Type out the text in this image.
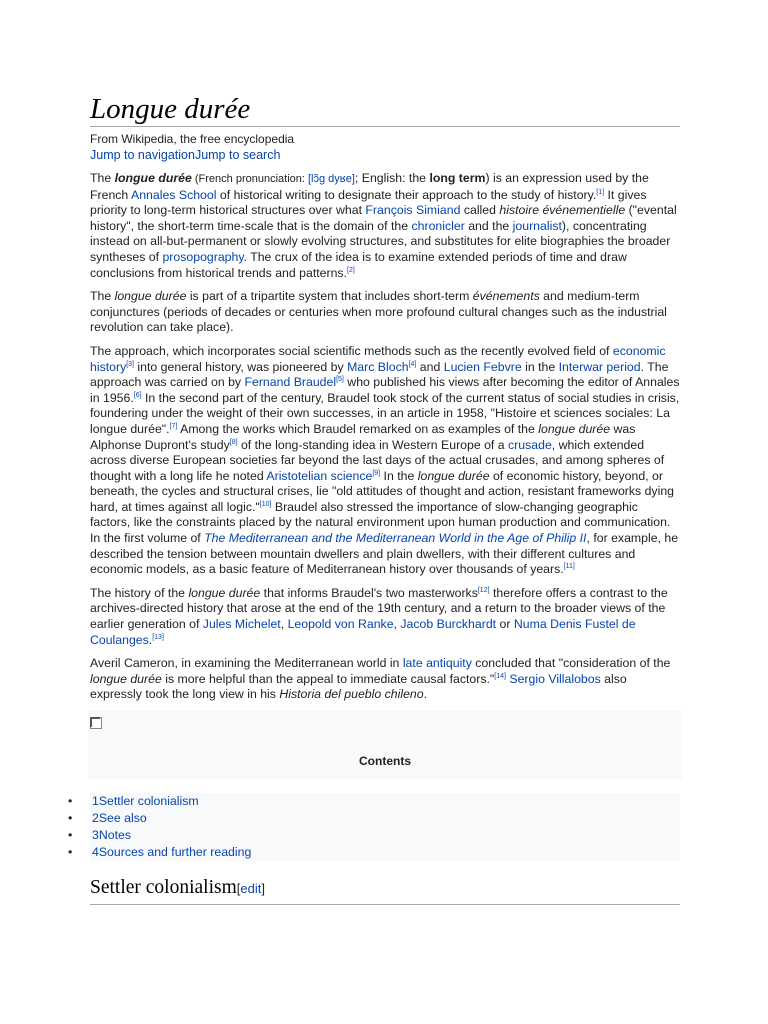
Longue durée
From Wikipedia, the free encyclopedia
Jump to navigationJump to search

The longue durée (French pronunciation: [lɔ̃ɡ dyʁe]; English: the long term) is an expression used by the French Annales School of historical writing to designate their approach to the study of history.[1] It gives priority to long-term historical structures over what François Simiand called histoire événementielle ("evental history", the short-term time-scale that is the domain of the chronicler and the journalist), concentrating instead on all-but-permanent or slowly evolving structures, and substitutes for elite biographies the broader syntheses of prosopography. The crux of the idea is to examine extended periods of time and draw conclusions from historical trends and patterns.[2]

The longue durée is part of a tripartite system that includes short-term événements and medium-term conjunctures (periods of decades or centuries when more profound cultural changes such as the industrial revolution can take place).

The approach, which incorporates social scientific methods such as the recently evolved field of economic history[3] into general history, was pioneered by Marc Bloch[4] and Lucien Febvre in the Interwar period. The approach was carried on by Fernand Braudel[5] who published his views after becoming the editor of Annales in 1956.[6] In the second part of the century, Braudel took stock of the current status of social studies in crisis, foundering under the weight of their own successes, in an article in 1958, "Histoire et sciences sociales: La longue durée".[7] Among the works which Braudel remarked on as examples of the longue durée was Alphonse Dupront's study[8] of the long-standing idea in Western Europe of a crusade, which extended across diverse European societies far beyond the last days of the actual crusades, and among spheres of thought with a long life he noted Aristotelian science[9] In the longue durée of economic history, beyond, or beneath, the cycles and structural crises, lie "old attitudes of thought and action, resistant frameworks dying hard, at times against all logic."[10] Braudel also stressed the importance of slow-changing geographic factors, like the constraints placed by the natural environment upon human production and communication. In the first volume of The Mediterranean and the Mediterranean World in the Age of Philip II, for example, he described the tension between mountain dwellers and plain dwellers, with their different cultures and economic models, as a basic feature of Mediterranean history over thousands of years.[11]

The history of the longue durée that informs Braudel's two masterworks[12] therefore offers a contrast to the archives-directed history that arose at the end of the 19th century, and a return to the broader views of the earlier generation of Jules Michelet, Leopold von Ranke, Jacob Burckhardt or Numa Denis Fustel de Coulanges.[13]

Averil Cameron, in examining the Mediterranean world in late antiquity concluded that "consideration of the longue durée is more helpful than the appeal to immediate causal factors."[14] Sergio Villalobos also expressly took the long view in his Historia del pueblo chileno.

Contents
• 1Settler colonialism
• 2See also
• 3Notes
• 4Sources and further reading
Settler colonialism[edit]
